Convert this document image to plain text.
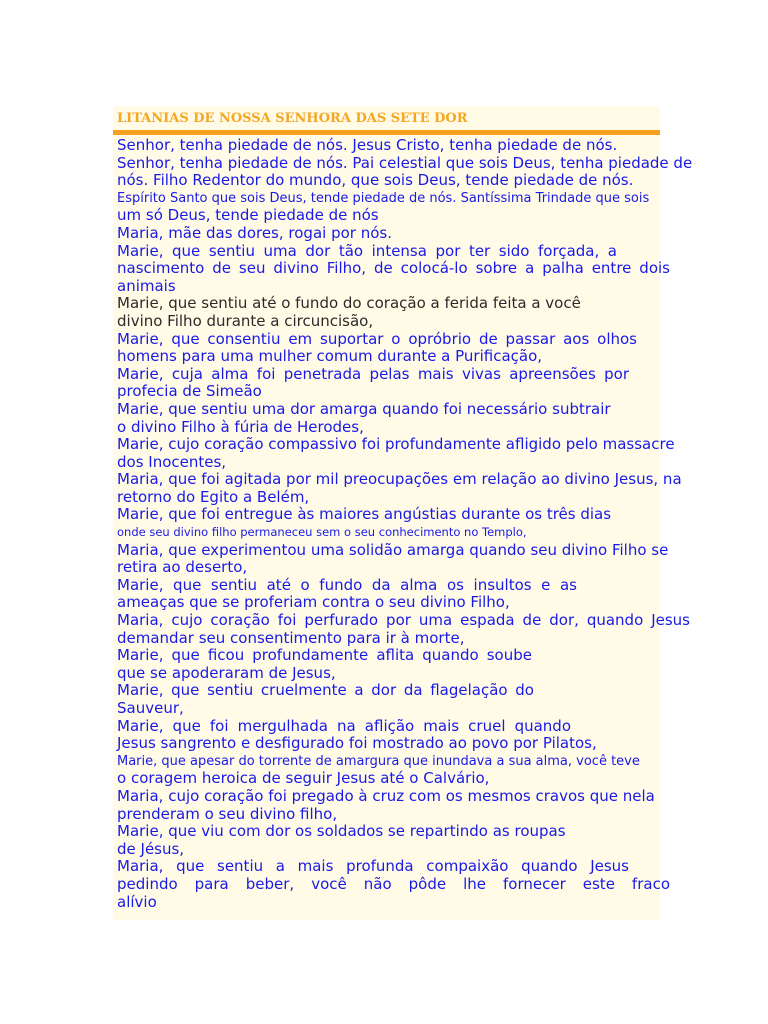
LITANIAS DE NOSSA SENHORA DAS SETE DOR
Senhor, tenha piedade de nós. Jesus Cristo, tenha piedade de nós.
Senhor, tenha piedade de nós. Pai celestial que sois Deus, tenha piedade de
nós. Filho Redentor do mundo, que sois Deus, tende piedade de nós.
Espírito Santo que sois Deus, tende piedade de nós. Santíssima Trindade que sois
um só Deus, tende piedade de nós
Maria, mãe das dores, rogai por nós.
Marie, que sentiu uma dor tão intensa por ter sido forçada, a
nascimento de seu divino Filho, de colocá-lo sobre a palha entre dois
animais
Marie, que sentiu até o fundo do coração a ferida feita a você
divino Filho durante a circuncisão,
Marie, que consentiu em suportar o opróbrio de passar aos olhos
homens para uma mulher comum durante a Purificação,
Marie, cuja alma foi penetrada pelas mais vivas apreensões por
profecia de Simeão
Marie, que sentiu uma dor amarga quando foi necessário subtrair
o divino Filho à fúria de Herodes,
Marie, cujo coração compassivo foi profundamente afligido pelo massacre
dos Inocentes,
Maria, que foi agitada por mil preocupações em relação ao divino Jesus, na
retorno do Egito a Belém,
Marie, que foi entregue às maiores angústias durante os três dias
onde seu divino filho permaneceu sem o seu conhecimento no Templo,
Maria, que experimentou uma solidão amarga quando seu divino Filho se
retira ao deserto,
Marie, que sentiu até o fundo da alma os insultos e as
ameaças que se proferiam contra o seu divino Filho,
Maria, cujo coração foi perfurado por uma espada de dor, quando Jesus
demandar seu consentimento para ir à morte,
Marie, que ficou profundamente aflita quando soube
que se apoderaram de Jesus,
Marie, que sentiu cruelmente a dor da flagelação do
Sauveur,
Marie, que foi mergulhada na aflição mais cruel quando
Jesus sangrento e desfigurado foi mostrado ao povo por Pilatos,
Marie, que apesar do torrente de amargura que inundava a sua alma, você teve
o coragem heroica de seguir Jesus até o Calvário,
Maria, cujo coração foi pregado à cruz com os mesmos cravos que nela
prenderam o seu divino filho,
Marie, que viu com dor os soldados se repartindo as roupas
de Jésus,
Maria, que sentiu a mais profunda compaixão quando Jesus
pedindo para beber, você não pôde lhe fornecer este fraco
alívio
